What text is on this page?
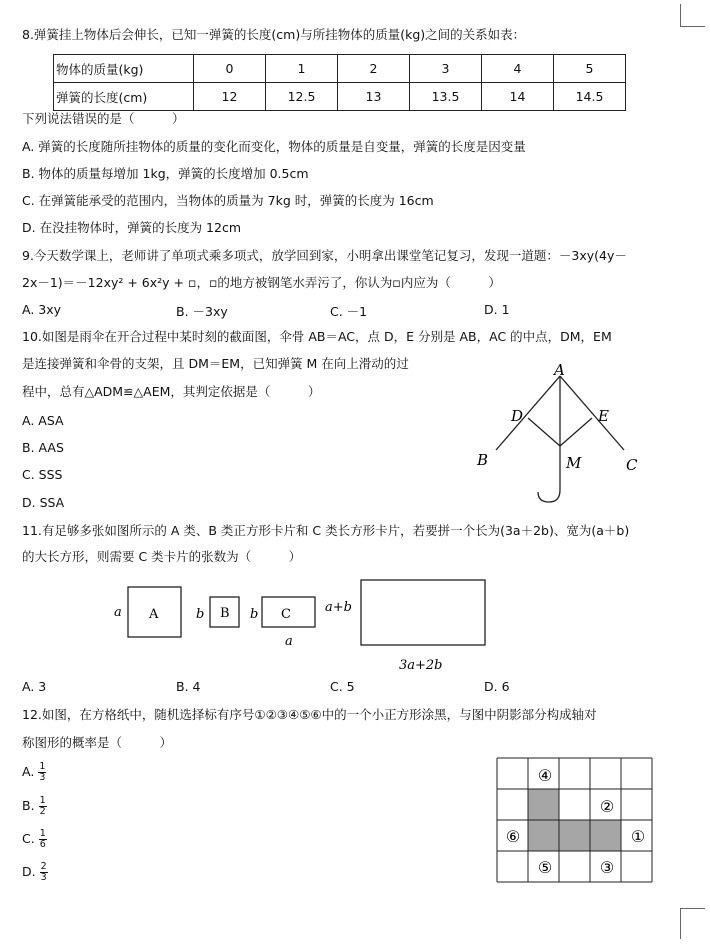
8.弹簧挂上物体后会伸长，已知一弹簧的长度(cm)与所挂物体的质量(kg)之间的关系如表：
物体的质量(kg)	0	1	2	3	4	5
弹簧的长度(cm)	12	12.5	13	13.5	14	14.5
下列说法错误的是（　　　）
A. 弹簧的长度随所挂物体的质量的变化而变化，物体的质量是自变量，弹簧的长度是因变量
B. 物体的质量每增加 1kg，弹簧的长度增加 0.5cm
C. 在弹簧能承受的范围内，当物体的质量为 7kg 时，弹簧的长度为 16cm
D. 在没挂物体时，弹簧的长度为 12cm
9.今天数学课上，老师讲了单项式乘多项式，放学回到家，小明拿出课堂笔记复习，发现一道题：－3xy(4y－
2x－1)＝－12xy² + 6x²y + ▫，▫的地方被钢笔水弄污了，你认为▫内应为（　　　）
A. 3xy	B. －3xy	C. －1	D. 1
10.如图是雨伞在开合过程中某时刻的截面图，伞骨 AB＝AC，点 D，E 分别是 AB，AC 的中点，DM，EM
是连接弹簧和伞骨的支架，且 DM＝EM，已知弹簧 M 在向上滑动的过
程中，总有△ADM≌△AEM，其判定依据是（　　　）
A. ASA
B. AAS
C. SSS
D. SSA
A
B	C
D	E
M
11.有足够多张如图所示的 A 类、B 类正方形卡片和 C 类长方形卡片，若要拼一个长为(3a＋2b)、宽为(a＋b)
的大长方形，则需要 C 类卡片的张数为（　　　）
a A	b B b C
a
a+b
3a+2b
A. 3	B. 4	C. 5	D. 6
12.如图，在方格纸中，随机选择标有序号①②③④⑤⑥中的一个小正方形涂黑，与图中阴影部分构成轴对
称图形的概率是（　　　）
A. $\frac{1}{3}$
B. $\frac{1}{2}$
C. $\frac{1}{6}$
D. $\frac{2}{3}$
①
②
③
④
⑤
⑥
